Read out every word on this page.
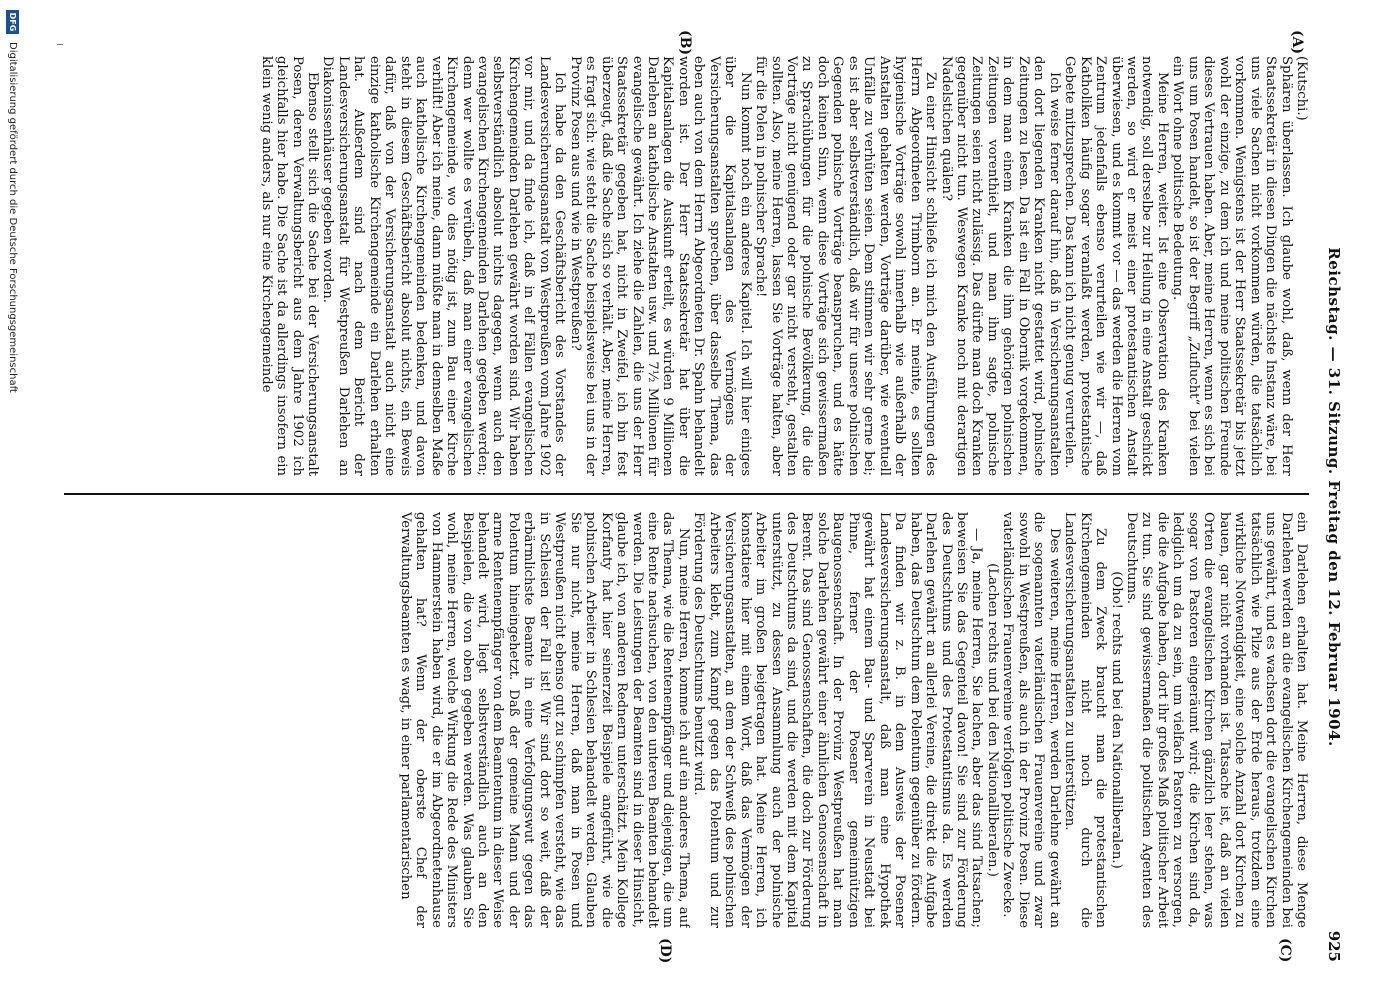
Reichstag. — 31. Sitzung. Freitag den 12. Februar 1904.
925
(A)
(B)
(C)
(D)

(Kutschi.)

Sphären überlassen. Ich glaube wohl, daß, wenn der Herr Staatssekretär in diesen Dingen die nächste Instanz wäre, bei uns viele Sachen nicht vorkommen würden, die tatsächlich vorkommen. Wenigstens ist der Herr Staatssekretär bis jetzt wohl der einzige, zu dem ich und meine politischen Freunde dieses Vertrauen haben. Aber, meine Herren, wenn es sich bei uns um Posen handelt, so ist der Begriff „Zuflucht“ bei vielen ein Wort ohne politische Bedeutung.

Meine Herren, weiter. Ist eine Observation des Kranken notwendig, soll derselbe zur Heilung in eine Anstalt geschickt werden, so wird er meist einer protestantischen Anstalt überwiesen, und es kommt vor — das werden die Herren vom Zentrum jedenfalls ebenso verurteilen wie wir —, daß Katholiken häufig sogar veranlaßt werden, protestantische Gebete mitzusprechen. Das kann ich nicht genug verurteilen.

Ich weise ferner darauf hin, daß in Versicherungsanstalten den dort liegenden Kranken nicht gestattet wird, polnische Zeitungen zu lesen. Da ist ein Fall in Obornik vorgekommen, in dem man einem Kranken die ihm gehörigen polnischen Zeitungen vorenthielt, und man ihm sagte, polnische Zeitungen seien nicht zulässig. Das dürfte man doch Kranken gegenüber nicht tun. Weswegen Kranke noch mit derartigen Nadelstichen quälen?

Zu einer Hinsicht schließe ich mich den Ausführungen des Herrn Abgeordneten Trimborn an. Er meinte, es sollten hygienische Vorträge sowohl innerhalb wie außerhalb der Anstalten gehalten werden, Vorträge darüber, wie eventuell Unfälle zu verhüten seien. Dem stimmen wir sehr gerne bei; es ist aber selbstverständlich, daß wir für unsere polnischen Gegenden polnische Vorträge beanspruchen, und es hätte doch keinen Sinn, wenn diese Vorträge sich gewissermaßen zu Sprachübungen für die polnische Bevölkerung, die die Vorträge nicht genügend oder gar nicht versteht, gestalten sollten. Also, meine Herren, lassen Sie Vorträge halten, aber für die Polen in polnischer Sprache!

Nun kommt noch ein anderes Kapitel. Ich will hier einiges über die Kapitalsanlagen des Vermögens der Versicherungsanstalten sprechen, über dasselbe Thema, das eben auch von dem Herrn Abgeordneten Dr. Spahn behandelt worden ist. Der Herr Staatssekretär hat über die Kapitalsanlagen die Auskunft erteilt, es würden 9 Millionen Darlehen an katholische Anstalten usw. und 7½ Millionen für evangelische gewährt. Ich ziehe die Zahlen, die uns der Herr Staatssekretär gegeben hat, nicht in Zweifel, ich bin fest überzeugt, daß die Sache sich so verhält. Aber, meine Herren, es fragt sich: wie steht die Sache beispielsweise bei uns in der Provinz Posen aus und wie in Westpreußen?

Ich habe da den Geschäftsbericht des Vorstandes der Landesversicherungsanstalt von Westpreußen vom Jahre 1902 vor mir, und da finde ich, daß in elf Fällen evangelischen Kirchengemeinden Darlehen gewährt worden sind. Wir haben selbstverständlich absolut nichts dagegen, wenn auch den evangelischen Kirchengemeinden Darlehen gegeben werden; denn wer wollte es verübeln, daß man einer evangelischen Kirchengemeinde, wo dies nötig ist, zum Bau einer Kirche verhilft! Aber ich meine, dann müßte man in demselben Maße auch katholische Kirchengemeinden bedenken, und davon steht in diesem Geschäftsbericht absolut nichts, ein Beweis dafür, daß von der Versicherungsanstalt auch nicht eine einzige katholische Kirchengemeinde ein Darlehen erhalten hat. Außerdem sind nach dem Bericht der Landesversicherungsanstalt für Westpreußen Darlehen an Diakonissenhäuser gegeben worden.

Ebenso stellt sich die Sache bei der Versicherungsanstalt Posen, deren Verwaltungsbericht aus dem Jahre 1902 ich gleichfalls hier habe. Die Sache ist da allerdings insofern ein klein wenig anders, als nur eine Kirchengemeinde

ein Darlehen erhalten hat. Meine Herren, diese Menge Darlehen werden an die evangelischen Kirchengemeinden bei uns gewährt, und es wachsen dort die evangelischen Kirchen tatsächlich wie Pilze aus der Erde heraus, trotzdem eine wirkliche Notwendigkeit, eine solche Anzahl dort Kirchen zu bauen, gar nicht vorhanden ist. Tatsache ist, daß an vielen Orten die evangelischen Kirchen gänzlich leer stehen, was sogar von Pastoren eingeräumt wird; die Kirchen sind da, lediglich um da zu sein, um vielfach Pastoren zu versorgen, die die Aufgabe haben, dort ihr großes Maß politischer Arbeit zu tun. Sie sind gewissermaßen die politischen Agenten des Deutschtums.

(Oho! rechts und bei den Nationalliberalen.)

Zu dem Zweck braucht man die protestantischen Kirchengemeinden nicht noch durch die Landesversicherungsanstalten zu unterstützen.

Des weiteren, meine Herren, werden Darlehne gewährt an die sogenannten vaterländischen Frauenvereine und zwar sowohl in Westpreußen, als auch in der Provinz Posen. Diese vaterländischen Frauenvereine verfolgen politische Zwecke.

(Lachen rechts und bei den Nationalliberalen.)

— Ja, meine Herren, Sie lachen, aber das sind Tatsachen; beweisen Sie das Gegenteil davon! Sie sind zur Förderung des Deutschtums und des Protestantismus da. Es werden Darlehen gewährt an allerlei Vereine, die direkt die Aufgabe haben, das Deutschtum dem Polentum gegenüber zu fördern. Da finden wir z. B. in dem Ausweis der Posener Landesversicherungsanstalt, daß man eine Hypothek gewährt hat einem Bau- und Sparverein in Neustadt bei Pinne, ferner der Posener gemeinnützigen Baugenossenschaft. In der Provinz Westpreußen hat man solche Darlehen gewährt einer ähnlichen Genossenschaft in Berent. Das sind Genossenschaften, die doch zur Förderung des Deutschtums da sind, und die werden mit dem Kapital unterstützt, zu dessen Ansammlung auch der polnische Arbeiter im großen beigetragen hat. Meine Herren, ich konstatiere hier mit einem Wort, daß das Vermögen der Versicherungsanstalten, an dem der Schweiß des polnischen Arbeiters klebt, zum Kampf gegen das Polentum und zur Förderung des Deutschtums benutzt wird.

Nun, meine Herren, komme ich auf ein anderes Thema, auf das Thema, wie die Rentenempfänger und diejenigen, die um eine Rente nachsuchen, von den unteren Beamten behandelt werden. Die Leistungen der Beamten sind in dieser Hinsicht, glaube ich, von anderen Rednern unterschätzt. Mein Kollege Korfanty hat hier seinerzeit Beispiele angeführt, wie die polnischen Arbeiter in Schlesien behandelt werden. Glauben Sie nur nicht, meine Herren, daß man in Posen und Westpreußen nicht ebenso gut zu schimpfen versteht, wie das in Schlesien der Fall ist! Wir sind dort so weit, daß der erbärmlichste Beamte in eine Verfolgungswut gegen das Polentum hineingehetzt. Daß der gemeine Mann und der arme Rentenempfänger von dem Beamtentum in dieser Weise behandelt wird, liegt selbstverständlich auch an den Beispielen, die von oben gegeben werden. Was glauben Sie wohl, meine Herren, welche Wirkung die Rede des Ministers von Hammerstein haben wird, die er im Abgeordnetenhause gehalten hat? Wenn der oberste Chef der Verwaltungsbeamten es wagt, in einer parlamentarischen

DFG
Digitalisierung gefördert durch die Deutsche Forschungsgemeinschaft
